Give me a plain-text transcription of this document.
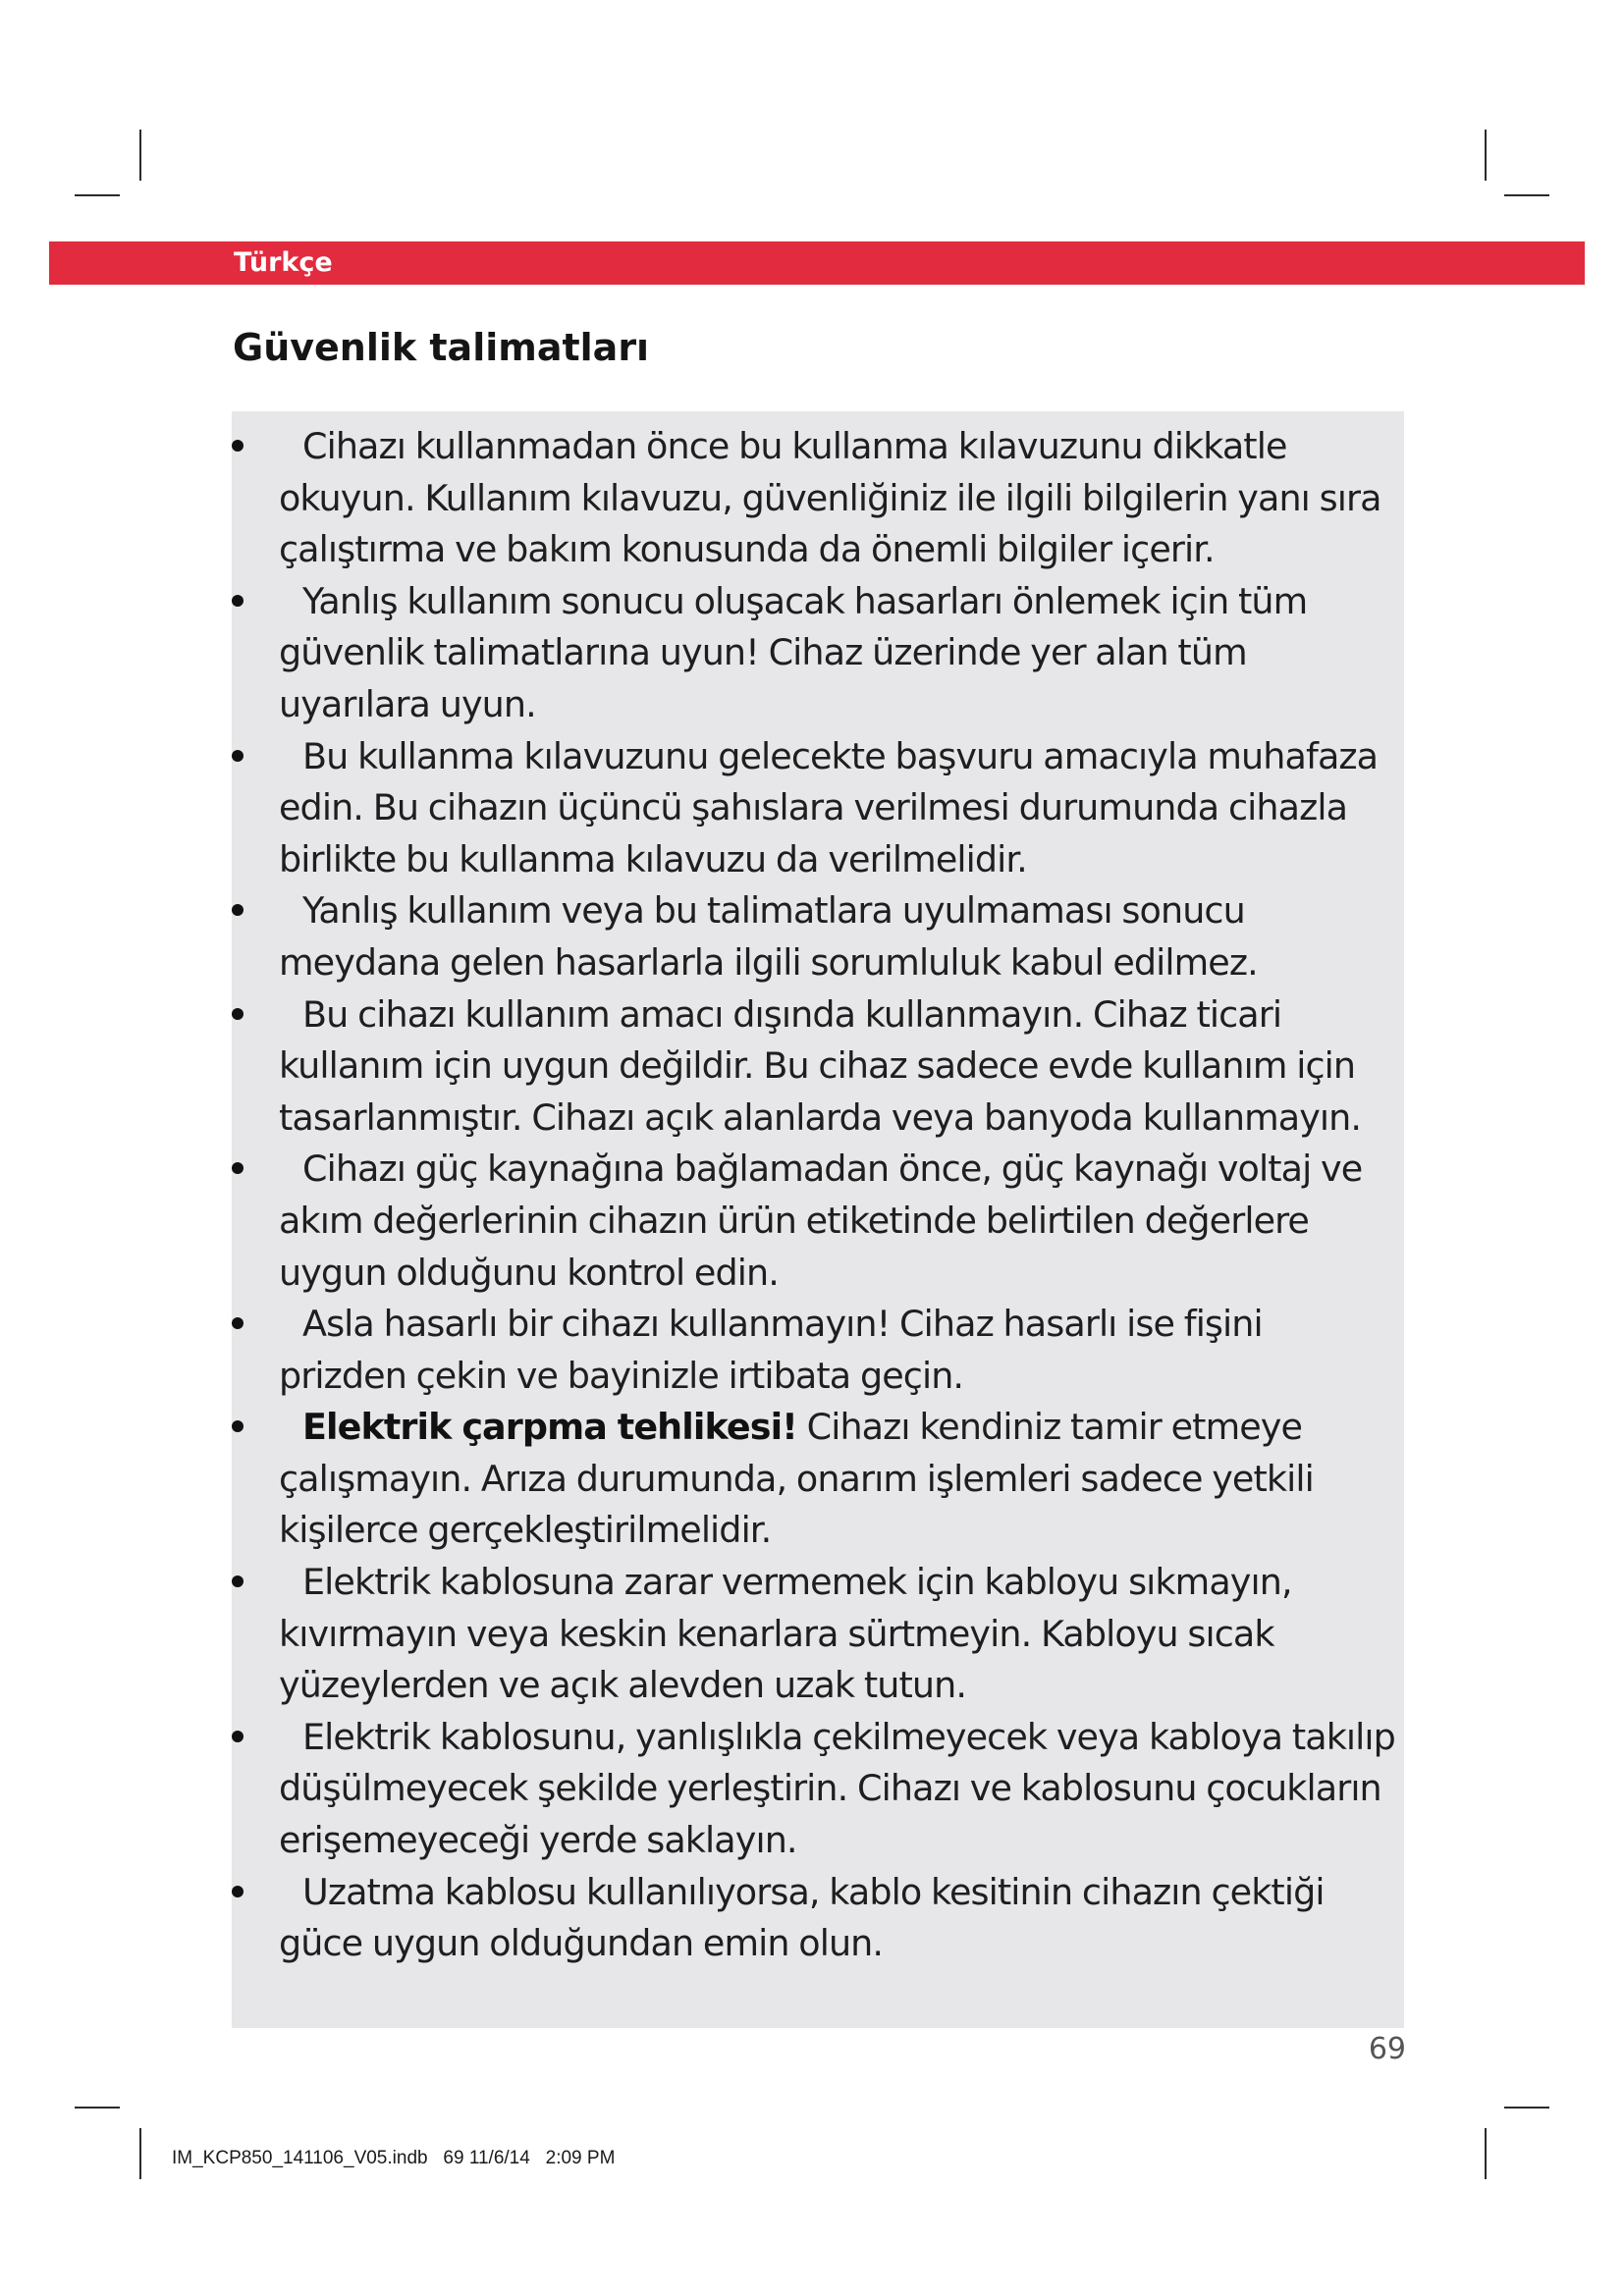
Türkçe
Güvenlik talimatları
Cihazı kullanmadan önce bu kullanma kılavuzunu dikkatle okuyun. Kullanım kılavuzu, güvenliğiniz ile ilgili bilgilerin yanı sıra çalıştırma ve bakım konusunda da önemli bilgiler içerir.
Yanlış kullanım sonucu oluşacak hasarları önlemek için tüm güvenlik talimatlarına uyun! Cihaz üzerinde yer alan tüm uyarılara uyun.
Bu kullanma kılavuzunu gelecekte başvuru amacıyla muhafaza edin. Bu cihazın üçüncü şahıslara verilmesi durumunda cihazla birlikte bu kullanma kılavuzu da verilmelidir.
Yanlış kullanım veya bu talimatlara uyulmaması sonucu meydana gelen hasarlarla ilgili sorumluluk kabul edilmez.
Bu cihazı kullanım amacı dışında kullanmayın. Cihaz ticari kullanım için uygun değildir. Bu cihaz sadece evde kullanım için tasarlanmıştır. Cihazı açık alanlarda veya banyoda kullanmayın.
Cihazı güç kaynağına bağlamadan önce, güç kaynağı voltaj ve akım değerlerinin cihazın ürün etiketinde belirtilen değerlere uygun olduğunu kontrol edin.
Asla hasarlı bir cihazı kullanmayın! Cihaz hasarlı ise fişini prizden çekin ve bayinizle irtibata geçin.
Elektrik çarpma tehlikesi! Cihazı kendiniz tamir etmeye çalışmayın. Arıza durumunda, onarım işlemleri sadece yetkili kişilerce gerçekleştirilmelidir.
Elektrik kablosuna zarar vermemek için kabloyu sıkmayın, kıvırmayın veya keskin kenarlara sürtmeyin. Kabloyu sıcak yüzeylerden ve açık alevden uzak tutun.
Elektrik kablosunu, yanlışlıkla çekilmeyecek veya kabloya takılıp düşülmeyecek şekilde yerleştirin. Cihazı ve kablosunu çocukların erişemeyeceği yerde saklayın.
Uzatma kablosu kullanılıyorsa, kablo kesitinin cihazın çektiği güce uygun olduğundan emin olun.
69
IM_KCP850_141106_V05.indb   69 11/6/14   2:09 PM
